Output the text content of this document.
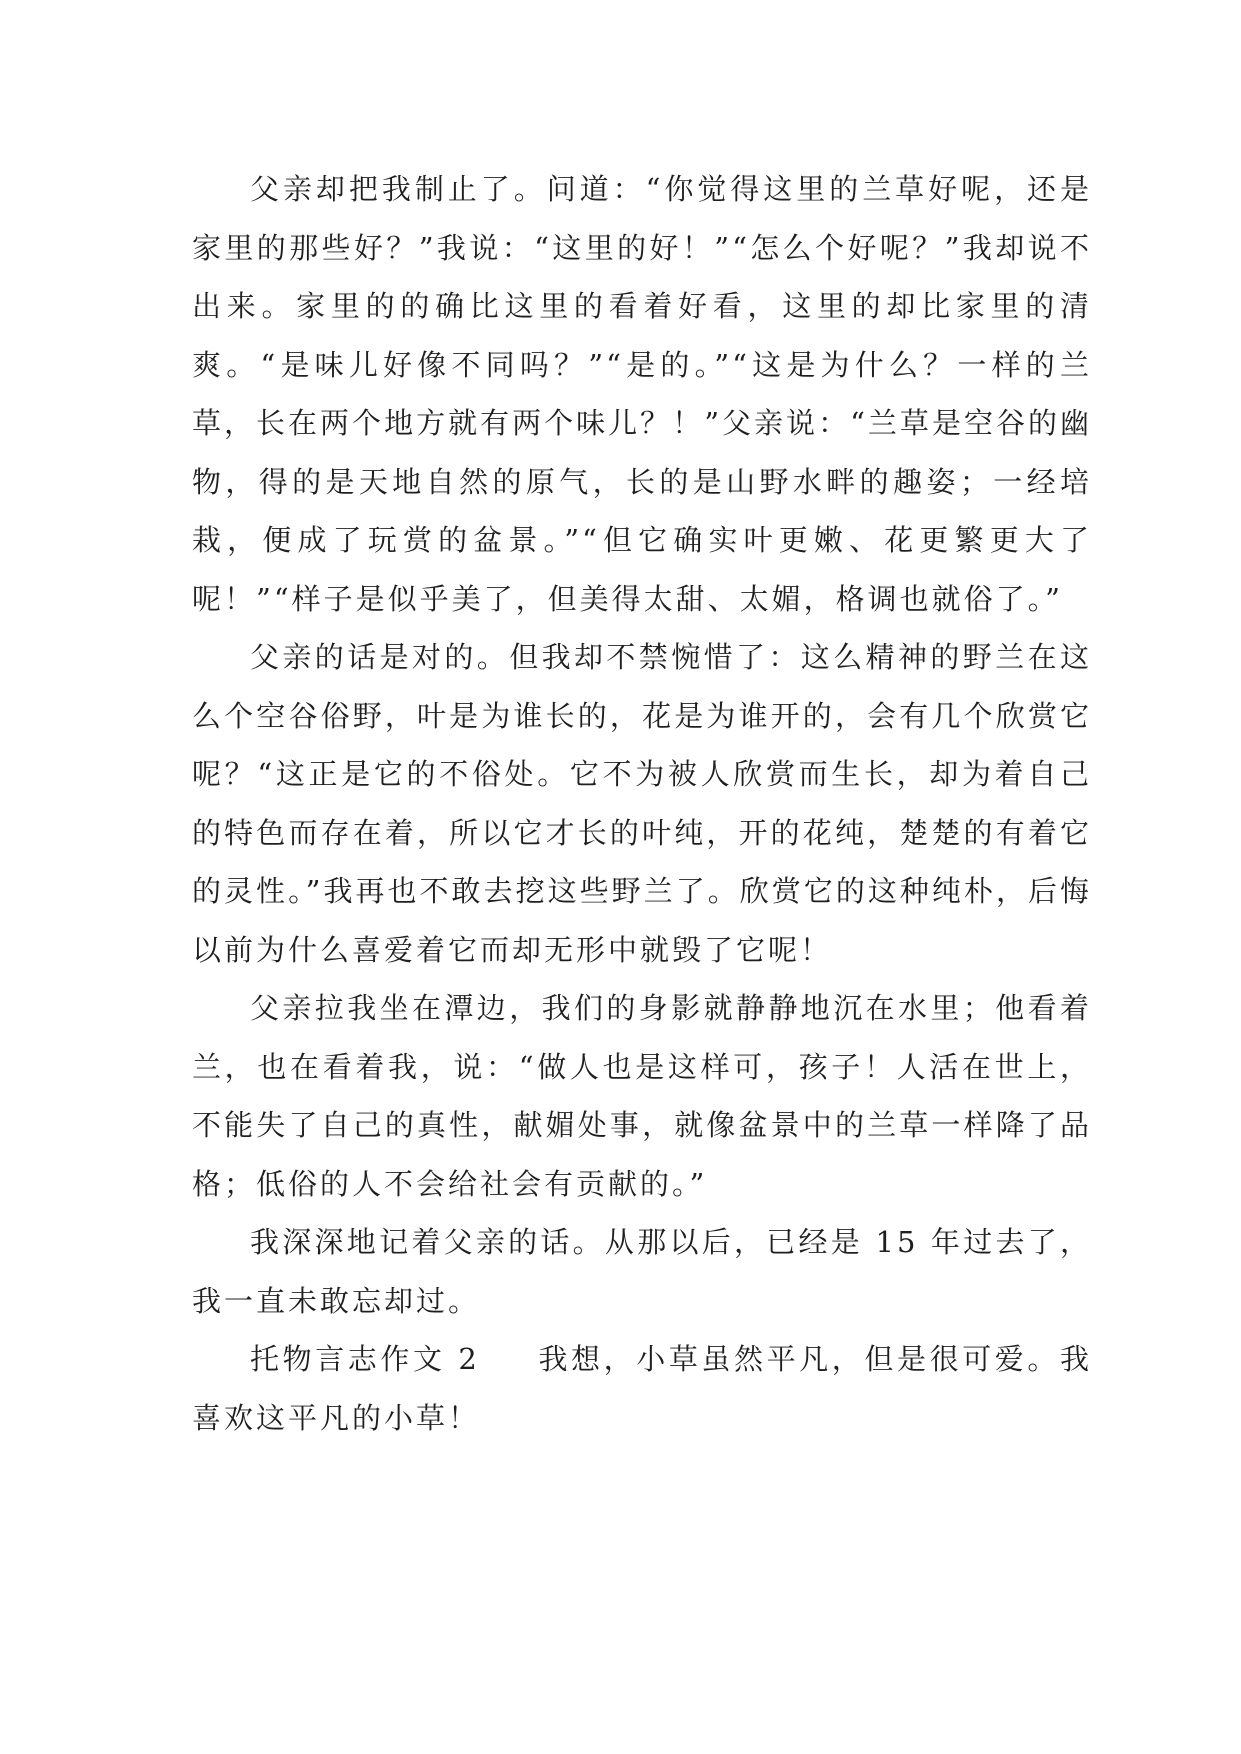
父亲却把我制止了。问道：“你觉得这里的兰草好呢，还是家里的那些好？”我说：“这里的好！”“怎么个好呢？”我却说不出来。家里的的确比这里的看着好看，这里的却比家里的清爽。“是味儿好像不同吗？”“是的。”“这是为什么？一样的兰草，长在两个地方就有两个味儿？！”父亲说：“兰草是空谷的幽物，得的是天地自然的原气，长的是山野水畔的趣姿；一经培栽，便成了玩赏的盆景。”“但它确实叶更嫩、花更繁更大了呢！”“样子是似乎美了，但美得太甜、太媚，格调也就俗了。”

父亲的话是对的。但我却不禁惋惜了：这么精神的野兰在这么个空谷俗野，叶是为谁长的，花是为谁开的，会有几个欣赏它呢？“这正是它的不俗处。它不为被人欣赏而生长，却为着自己的特色而存在着，所以它才长的叶纯，开的花纯，楚楚的有着它的灵性。”我再也不敢去挖这些野兰了。欣赏它的这种纯朴，后悔以前为什么喜爱着它而却无形中就毁了它呢！

父亲拉我坐在潭边，我们的身影就静静地沉在水里；他看着兰，也在看着我，说：“做人也是这样可，孩子！人活在世上，不能失了自己的真性，献媚处事，就像盆景中的兰草一样降了品格；低俗的人不会给社会有贡献的。”

我深深地记着父亲的话。从那以后，已经是 15 年过去了，我一直未敢忘却过。

托物言志作文 2 我想，小草虽然平凡，但是很可爱。我喜欢这平凡的小草！
